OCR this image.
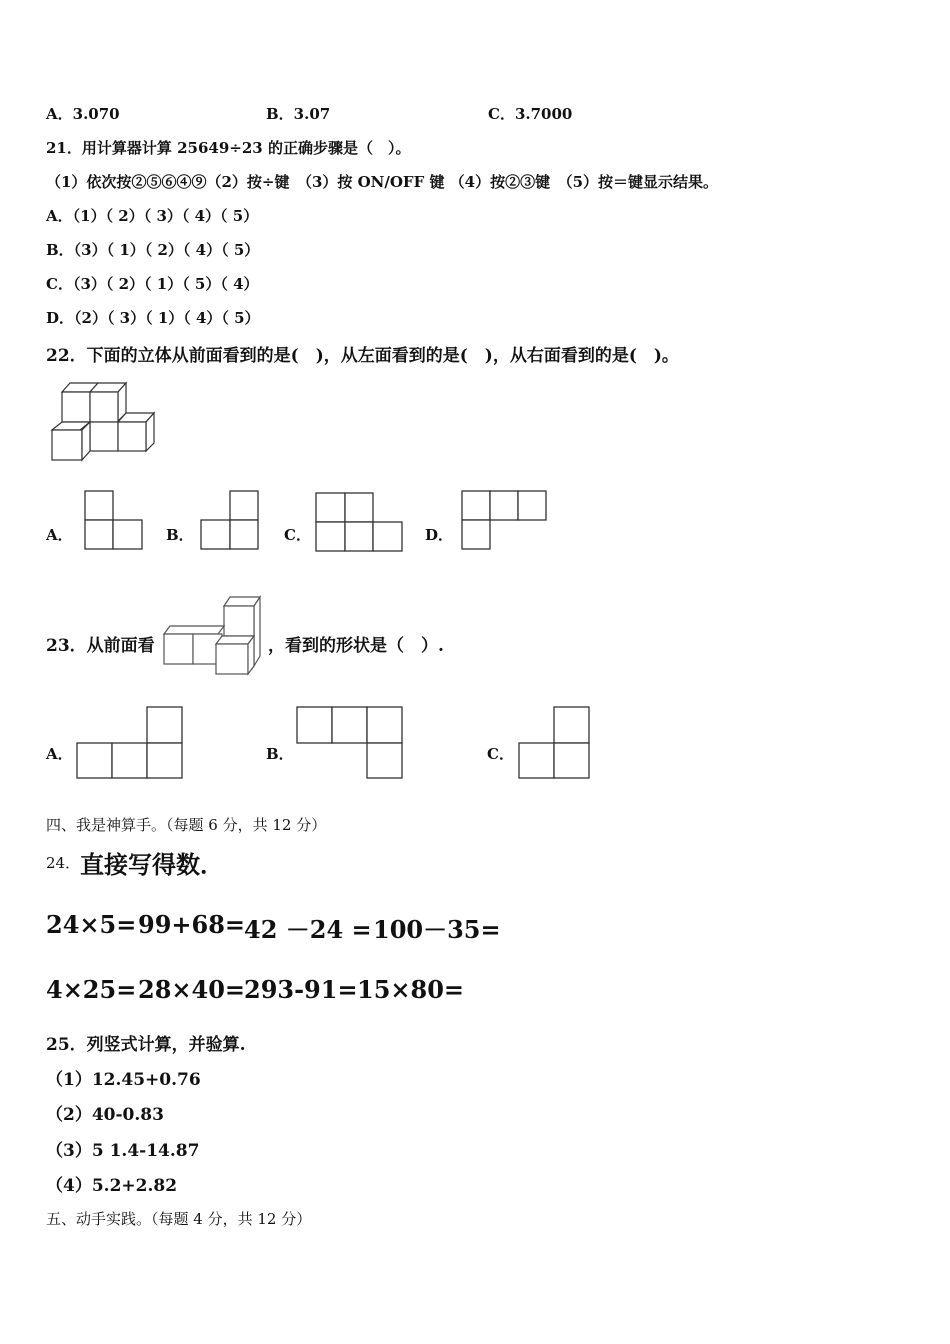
A．3.070	B．3.07	C．3.7000
21．用计算器计算 25649÷23 的正确步骤是（　）。
（1）依次按②⑤⑥④⑨（2）按÷键　（3）按 ON/OFF 键 （4）按②③键　（5）按＝键显示结果。
A．（1）（ 2）（ 3）（ 4）（ 5）
B．（3）（ 1）（ 2）（ 4）（ 5）
C．（3）（ 2）（ 1）（ 5）（ 4）
D．（2）（ 3）（ 1）（ 4）（ 5）
22．下面的立体从前面看到的是(　)，从左面看到的是(　)，从右面看到的是(　)。
A．	B．	C．	D．
23．从前面看	，看到的形状是（　）.
A．	B．	C．
四、我是神算手。（每题 6 分，共 12 分）
24． 直接写得数．
24×5= 99+68=
42 －24 = 100－35=
4×25= 28×40=
293-91= 15×80=
25．列竖式计算，并验算.
（1）12.45+0.76
（2）40-0.83
（3）5 1.4-14.87
（4）5.2+2.82
五、动手实践。（每题 4 分，共 12 分）
